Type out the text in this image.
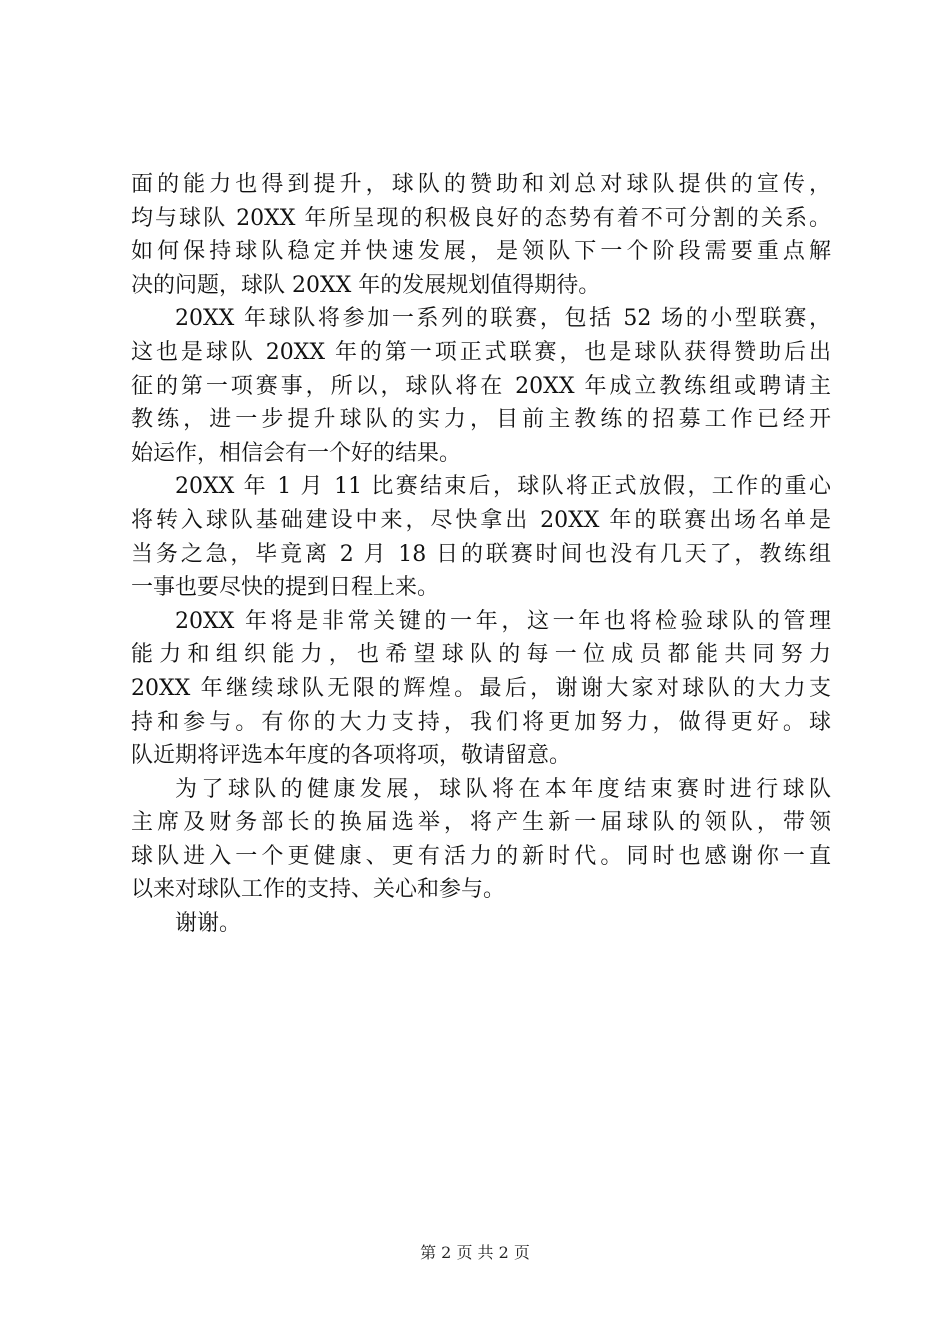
面的能力也得到提升，球队的赞助和刘总对球队提供的宣传，
均与球队 20XX 年所呈现的积极良好的态势有着不可分割的关系。
如何保持球队稳定并快速发展，是领队下一个阶段需要重点解
决的问题，球队 20XX 年的发展规划值得期待。
20XX 年球队将参加一系列的联赛，包括 52 场的小型联赛，
这也是球队 20XX 年的第一项正式联赛，也是球队获得赞助后出
征的第一项赛事，所以，球队将在 20XX 年成立教练组或聘请主
教练，进一步提升球队的实力，目前主教练的招募工作已经开
始运作，相信会有一个好的结果。
20XX 年 1 月 11 比赛结束后，球队将正式放假，工作的重心
将转入球队基础建设中来，尽快拿出 20XX 年的联赛出场名单是
当务之急，毕竟离 2 月 18 日的联赛时间也没有几天了，教练组
一事也要尽快的提到日程上来。
20XX 年将是非常关键的一年，这一年也将检验球队的管理
能力和组织能力，也希望球队的每一位成员都能共同努力
20XX 年继续球队无限的辉煌。最后，谢谢大家对球队的大力支
持和参与。有你的大力支持，我们将更加努力，做得更好。球
队近期将评选本年度的各项将项，敬请留意。
为了球队的健康发展，球队将在本年度结束赛时进行球队
主席及财务部长的换届选举，将产生新一届球队的领队，带领
球队进入一个更健康、更有活力的新时代。同时也感谢你一直
以来对球队工作的支持、关心和参与。
谢谢。
第 2 页 共 2 页
